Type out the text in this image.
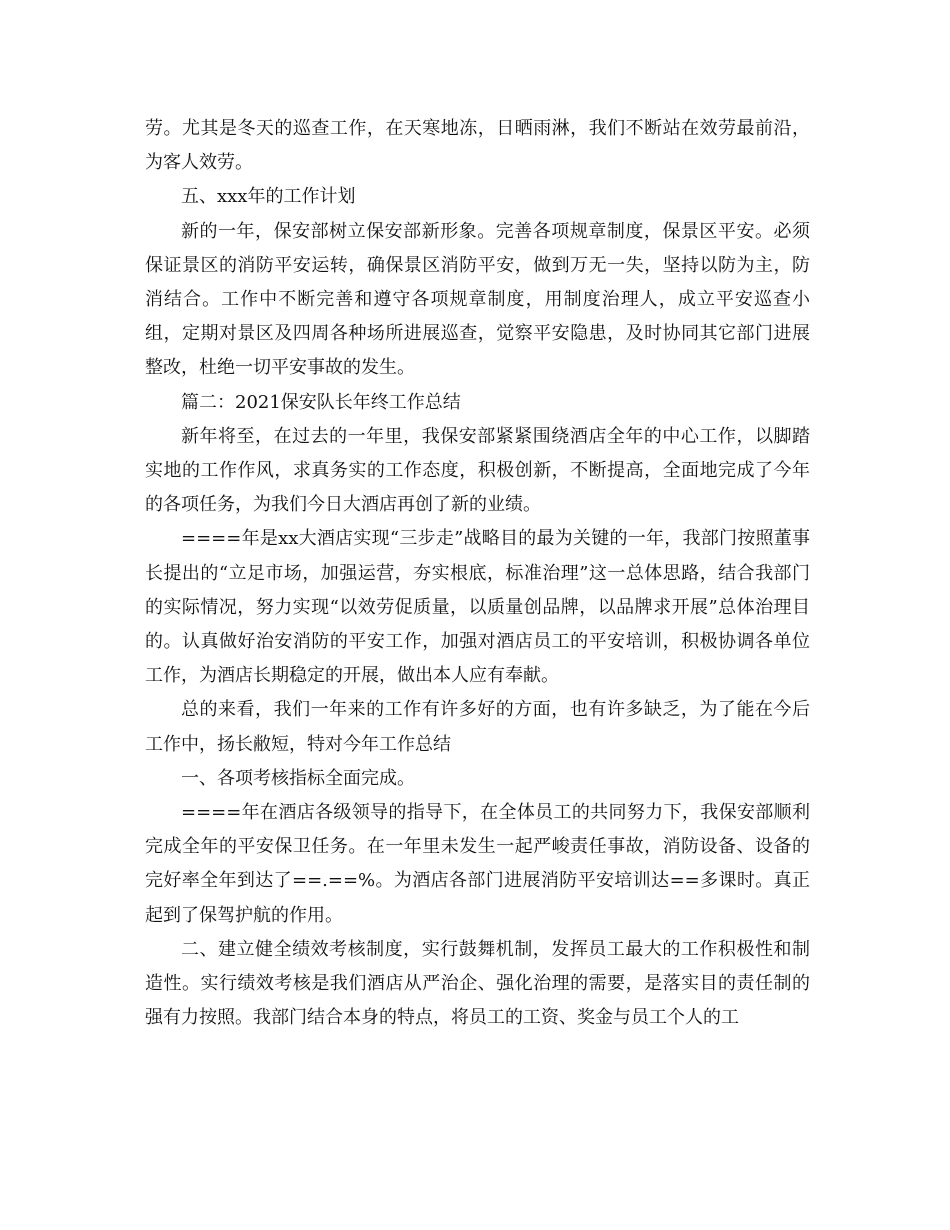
劳。尤其是冬天的巡查工作，在天寒地冻，日晒雨淋，我们不断站在效劳最前沿，为客人效劳。

五、xxx年的工作计划

新的一年，保安部树立保安部新形象。完善各项规章制度，保景区平安。必须保证景区的消防平安运转，确保景区消防平安，做到万无一失，坚持以防为主，防消结合。工作中不断完善和遵守各项规章制度，用制度治理人，成立平安巡查小组，定期对景区及四周各种场所进展巡查，觉察平安隐患，及时协同其它部门进展整改，杜绝一切平安事故的发生。

篇二：2021保安队长年终工作总结

新年将至，在过去的一年里，我保安部紧紧围绕酒店全年的中心工作，以脚踏实地的工作作风，求真务实的工作态度，积极创新，不断提高，全面地完成了今年的各项任务，为我们今日大酒店再创了新的业绩。

====年是xx大酒店实现“三步走”战略目的最为关键的一年，我部门按照董事长提出的“立足市场，加强运营，夯实根底，标准治理”这一总体思路，结合我部门的实际情况，努力实现“以效劳促质量，以质量创品牌，以品牌求开展”总体治理目的。认真做好治安消防的平安工作，加强对酒店员工的平安培训，积极协调各单位工作，为酒店长期稳定的开展，做出本人应有奉献。

总的来看，我们一年来的工作有许多好的方面，也有许多缺乏，为了能在今后工作中，扬长敝短，特对今年工作总结

一、各项考核指标全面完成。

====年在酒店各级领导的指导下，在全体员工的共同努力下，我保安部顺利完成全年的平安保卫任务。在一年里未发生一起严峻责任事故，消防设备、设备的完好率全年到达了==.==%。为酒店各部门进展消防平安培训达==多课时。真正起到了保驾护航的作用。

二、建立健全绩效考核制度，实行鼓舞机制，发挥员工最大的工作积极性和制造性。实行绩效考核是我们酒店从严治企、强化治理的需要，是落实目的责任制的强有力按照。我部门结合本身的特点，将员工的工资、奖金与员工个人的工
